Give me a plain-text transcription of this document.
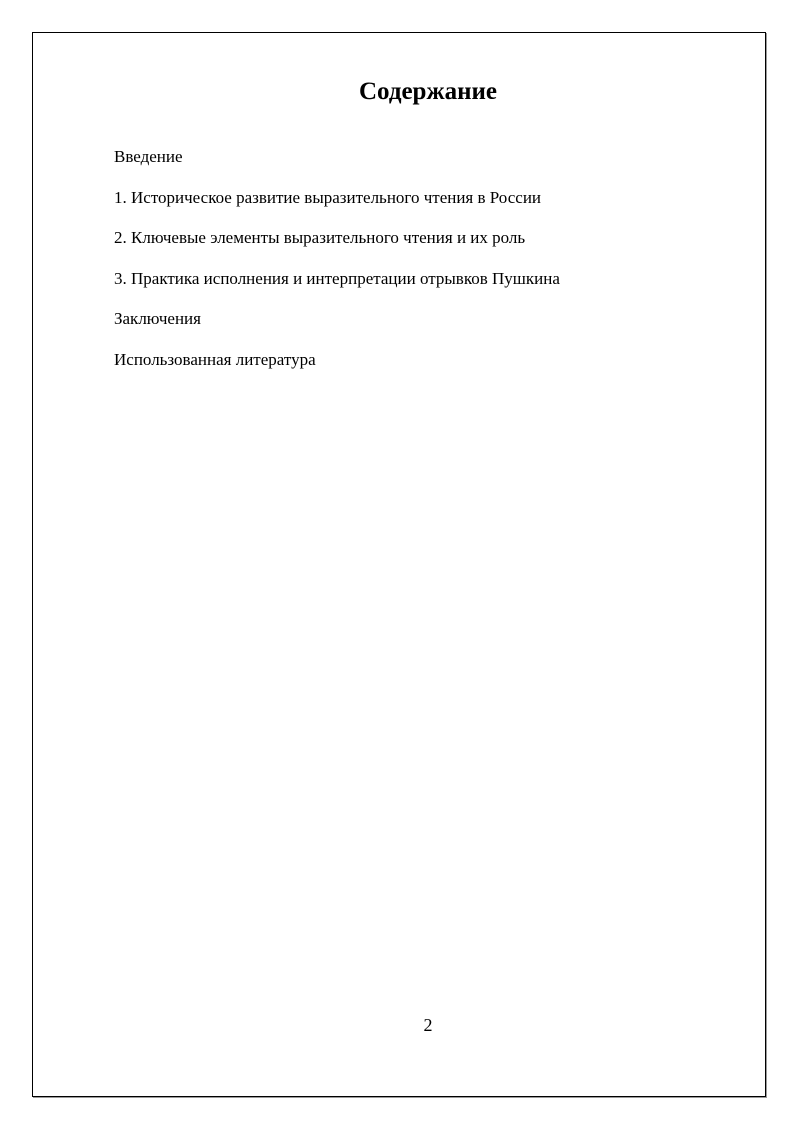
Содержание
Введение
1. Историческое развитие выразительного чтения в России
2. Ключевые элементы выразительного чтения и их роль
3. Практика исполнения и интерпретации отрывков Пушкина
Заключения
Использованная литература
2
